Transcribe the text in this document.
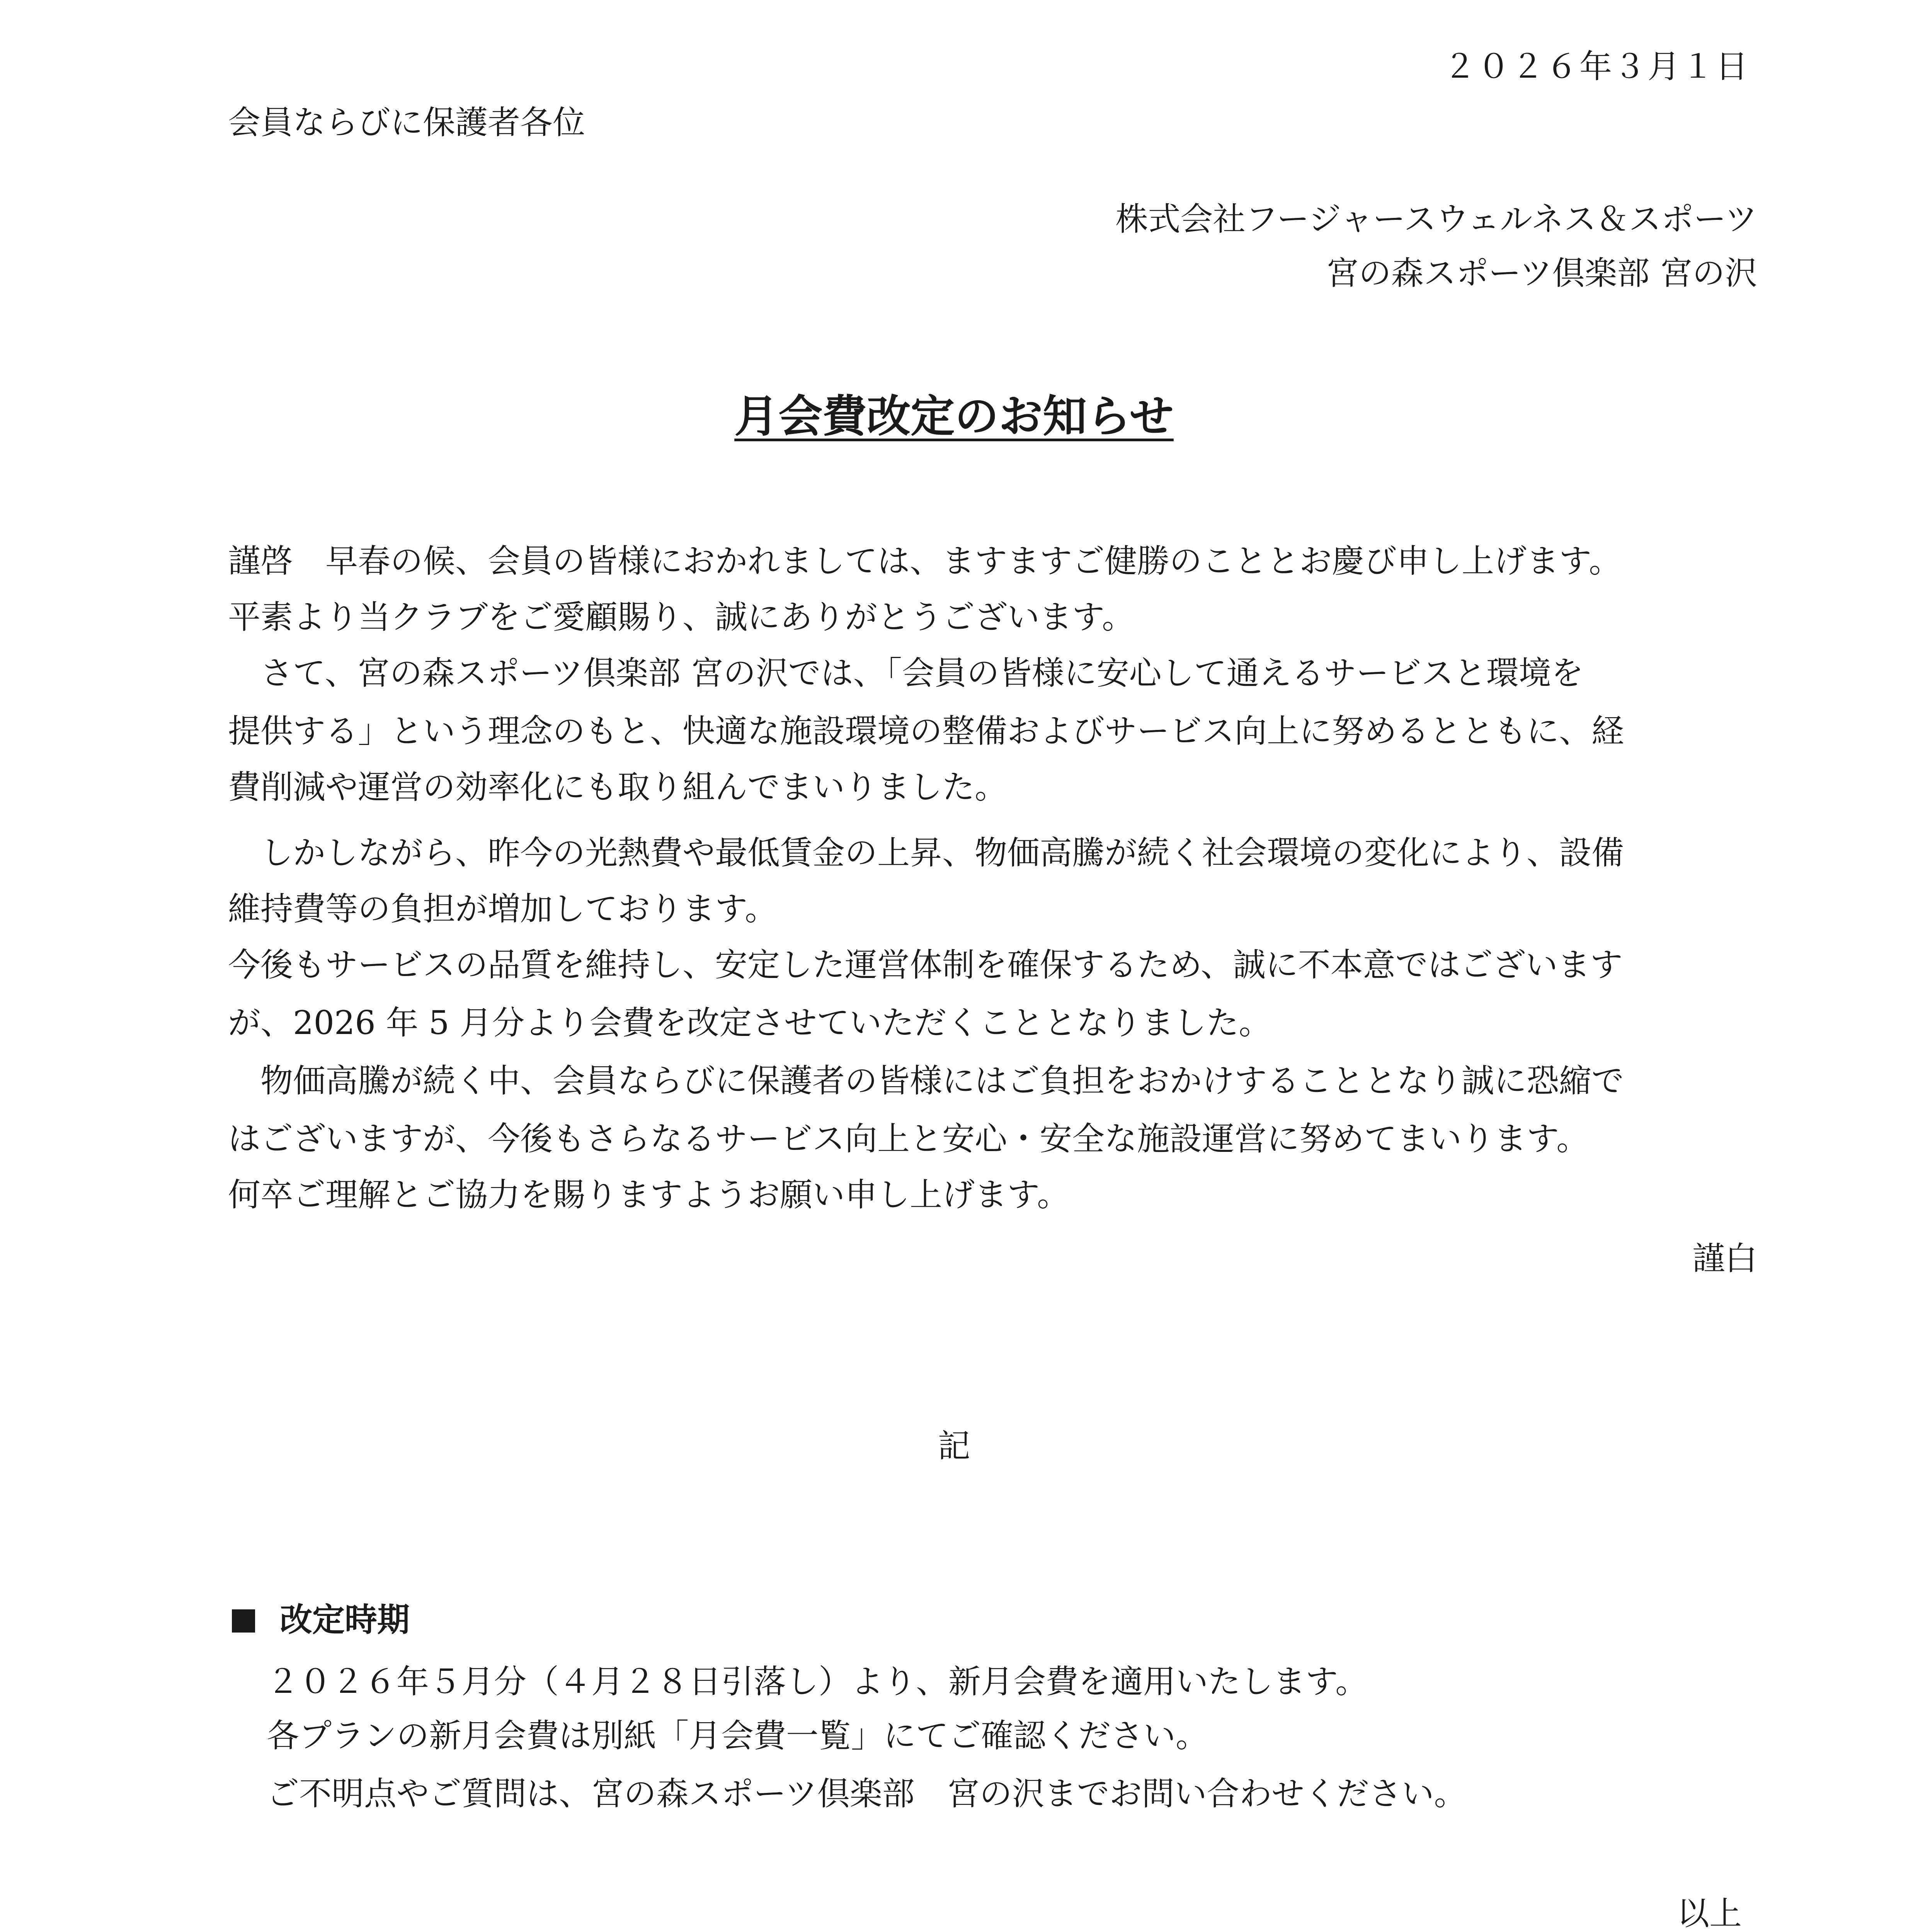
２０２６年３月１日
会員ならびに保護者各位
株式会社フージャースウェルネス＆スポーツ
宮の森スポーツ倶楽部 宮の沢
月会費改定のお知らせ
謹啓　早春の候、会員の皆様におかれましては、ますますご健勝のこととお慶び申し上げます。
平素より当クラブをご愛顧賜り、誠にありがとうございます。
　さて、宮の森スポーツ倶楽部 宮の沢では、「会員の皆様に安心して通えるサービスと環境を
提供する」という理念のもと、快適な施設環境の整備およびサービス向上に努めるとともに、経
費削減や運営の効率化にも取り組んでまいりました。
　しかしながら、昨今の光熱費や最低賃金の上昇、物価高騰が続く社会環境の変化により、設備
維持費等の負担が増加しております。
今後もサービスの品質を維持し、安定した運営体制を確保するため、誠に不本意ではございます
が、2026 年 5 月分より会費を改定させていただくこととなりました。
　物価高騰が続く中、会員ならびに保護者の皆様にはご負担をおかけすることとなり誠に恐縮で
はございますが、今後もさらなるサービス向上と安心・安全な施設運営に努めてまいります。
何卒ご理解とご協力を賜りますようお願い申し上げます。
謹白
記
改定時期
２０２６年５月分（４月２８日引落し）より、新月会費を適用いたします。
各プランの新月会費は別紙「月会費一覧」にてご確認ください。
ご不明点やご質問は、宮の森スポーツ倶楽部　宮の沢までお問い合わせください。
以上
